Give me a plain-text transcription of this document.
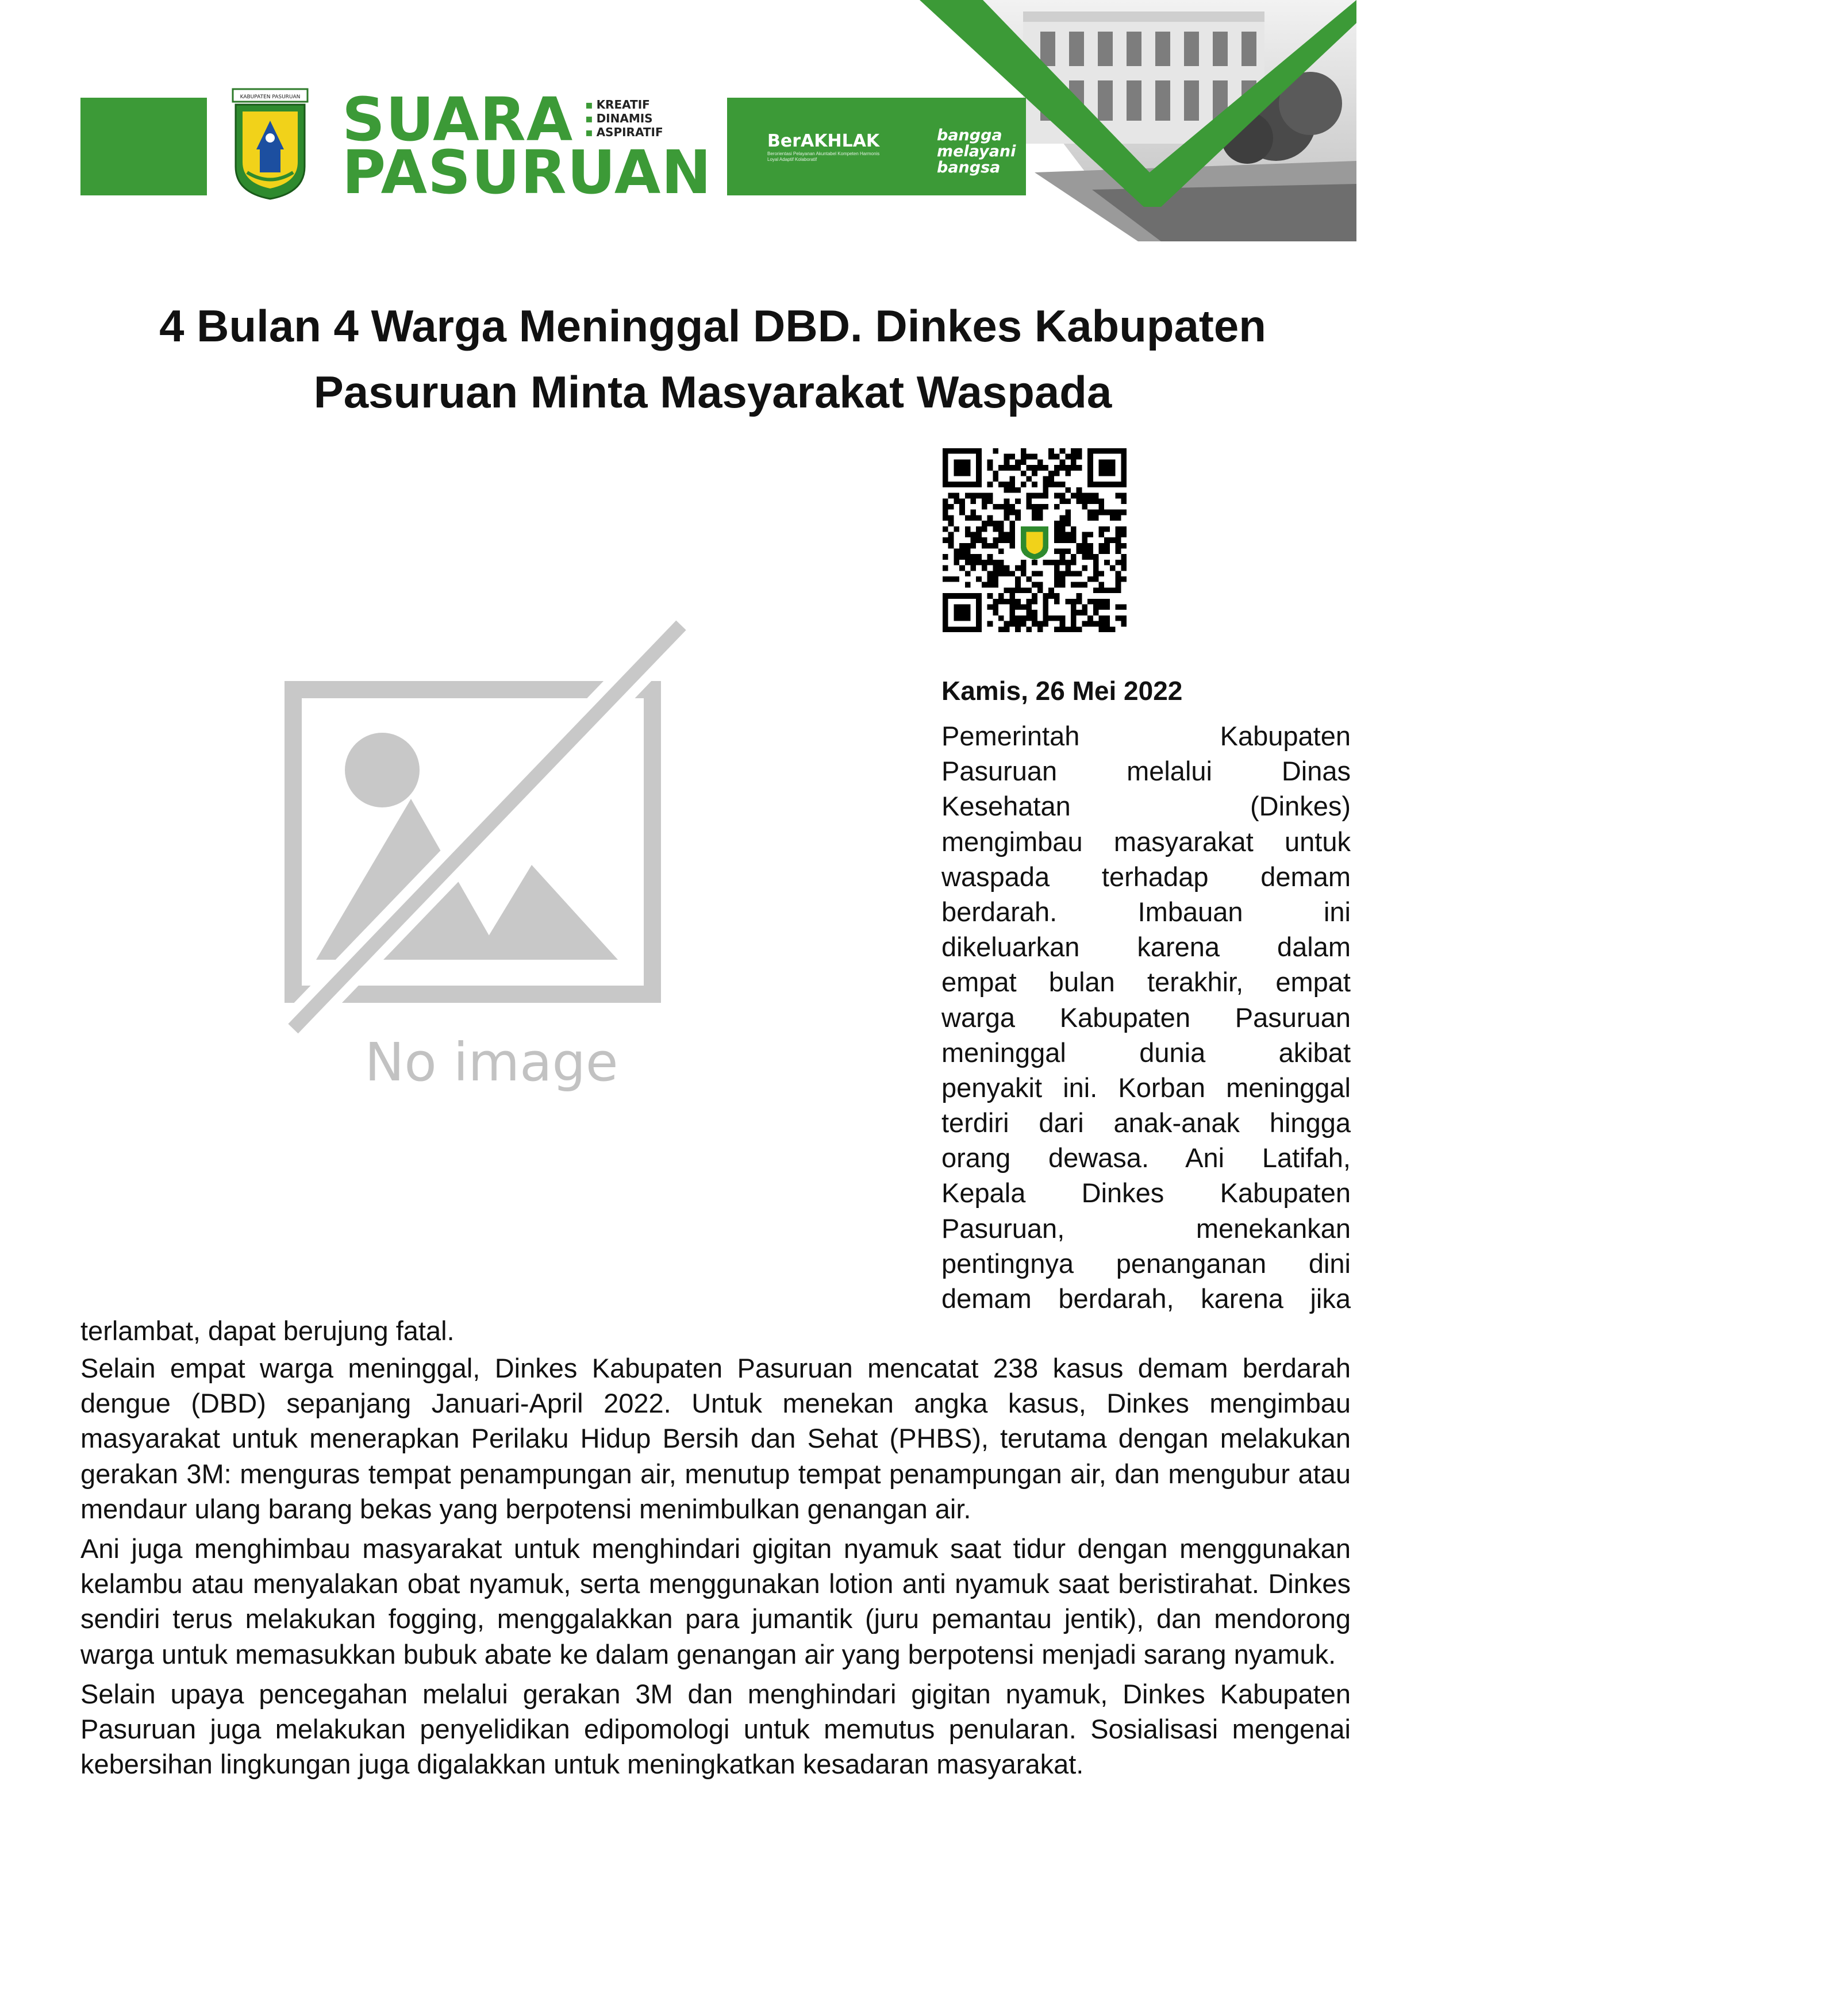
KABUPATEN PASURUAN SUARA
PASURUAN
▪ KREATIF
▪ DINAMIS
▪ ASPIRATIF	BerAKHLAK
Berorientasi Pelayanan Akuntabel Kompeten Harmonis Loyal Adaptif Kolaboratif
#
bangga
melayani
bangsa
4 Bulan 4 Warga Meninggal DBD. Dinkes Kabupaten
Pasuruan Minta Masyarakat Waspada
No image
Kamis, 26 Mei 2022
Pemerintah Kabupaten
Pasuruan melalui Dinas
Kesehatan (Dinkes)
mengimbau masyarakat untuk
waspada terhadap demam
berdarah. Imbauan ini
dikeluarkan karena dalam
empat bulan terakhir, empat
warga Kabupaten Pasuruan
meninggal dunia akibat
penyakit ini. Korban meninggal
terdiri dari anak-anak hingga
orang dewasa. Ani Latifah,
Kepala Dinkes Kabupaten
Pasuruan, menekankan
pentingnya penanganan dini
demam berdarah, karena jika
terlambat, dapat berujung fatal.

Selain empat warga meninggal, Dinkes Kabupaten Pasuruan mencatat 238 kasus demam berdarah dengue (DBD) sepanjang Januari-April 2022. Untuk menekan angka kasus, Dinkes mengimbau masyarakat untuk menerapkan Perilaku Hidup Bersih dan Sehat (PHBS), terutama dengan melakukan gerakan 3M: menguras tempat penampungan air, menutup tempat penampungan air, dan mengubur atau mendaur ulang barang bekas yang berpotensi menimbulkan genangan air.

Ani juga menghimbau masyarakat untuk menghindari gigitan nyamuk saat tidur dengan menggunakan kelambu atau menyalakan obat nyamuk, serta menggunakan lotion anti nyamuk saat beristirahat. Dinkes sendiri terus melakukan fogging, menggalakkan para jumantik (juru pemantau jentik), dan mendorong warga untuk memasukkan bubuk abate ke dalam genangan air yang berpotensi menjadi sarang nyamuk.

Selain upaya pencegahan melalui gerakan 3M dan menghindari gigitan nyamuk, Dinkes Kabupaten Pasuruan juga melakukan penyelidikan edipomologi untuk memutus penularan. Sosialisasi mengenai kebersihan lingkungan juga digalakkan untuk meningkatkan kesadaran masyarakat.
